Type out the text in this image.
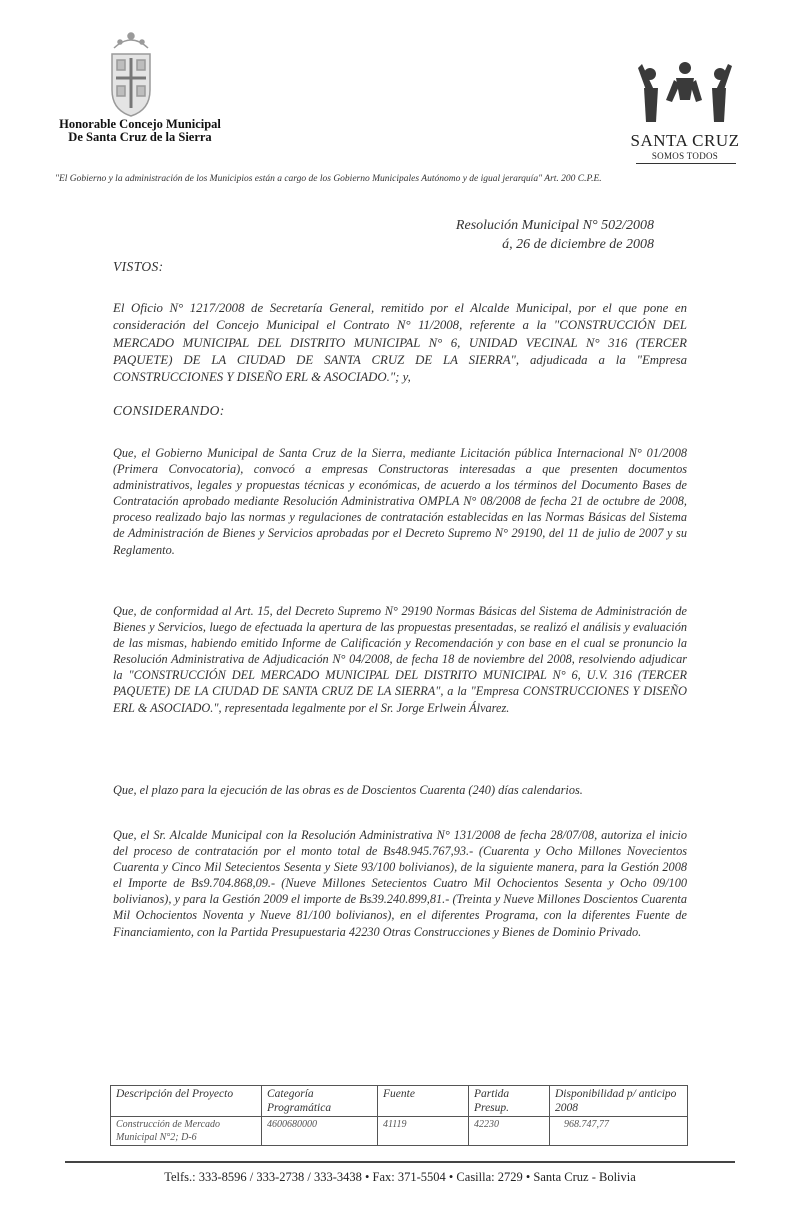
Honorable Concejo Municipal
De Santa Cruz de la Sierra	SANTA CRUZ
SOMOS TODOS
"El Gobierno y la administración de los Municipios están a cargo de los Gobierno Municipales Autónomo y de igual jerarquía" Art. 200 C.P.E.
Resolución Municipal N° 502/2008
á, 26 de diciembre de 2008
VISTOS:

El Oficio N° 1217/2008 de Secretaría General, remitido por el Alcalde Municipal, por el que pone en consideración del Concejo Municipal el Contrato N° 11/2008, referente a la "CONSTRUCCIÓN DEL MERCADO MUNICIPAL DEL DISTRITO MUNICIPAL N° 6, UNIDAD VECINAL N° 316 (TERCER PAQUETE) DE LA CIUDAD DE SANTA CRUZ DE LA SIERRA", adjudicada a la "Empresa CONSTRUCCIONES Y DISEÑO ERL & ASOCIADO."; y,

CONSIDERANDO:

Que, el Gobierno Municipal de Santa Cruz de la Sierra, mediante Licitación pública Internacional N° 01/2008 (Primera Convocatoria), convocó a empresas Constructoras interesadas a que presenten documentos administrativos, legales y propuestas técnicas y económicas, de acuerdo a los términos del Documento Bases de Contratación aprobado mediante Resolución Administrativa OMPLA N° 08/2008 de fecha 21 de octubre de 2008, proceso realizado bajo las normas y regulaciones de contratación establecidas en las Normas Básicas del Sistema de Administración de Bienes y Servicios aprobadas por el Decreto Supremo N° 29190, del 11 de julio de 2007 y su Reglamento.

Que, de conformidad al Art. 15, del Decreto Supremo N° 29190 Normas Básicas del Sistema de Administración de Bienes y Servicios, luego de efectuada la apertura de las propuestas presentadas, se realizó el análisis y evaluación de las mismas, habiendo emitido Informe de Calificación y Recomendación y con base en el cual se pronuncio la Resolución Administrativa de Adjudicación N° 04/2008, de fecha 18 de noviembre del 2008, resolviendo adjudicar la "CONSTRUCCIÓN DEL MERCADO MUNICIPAL DEL DISTRITO MUNICIPAL N° 6, U.V. 316 (TERCER PAQUETE) DE LA CIUDAD DE SANTA CRUZ DE LA SIERRA", a la "Empresa CONSTRUCCIONES Y DISEÑO ERL & ASOCIADO.", representada legalmente por el Sr. Jorge Erlwein Álvarez.

Que, el plazo para la ejecución de las obras es de Doscientos Cuarenta (240) días calendarios.

Que, el Sr. Alcalde Municipal con la Resolución Administrativa N° 131/2008 de fecha 28/07/08, autoriza el inicio del proceso de contratación por el monto total de Bs48.945.767,93.- (Cuarenta y Ocho Millones Novecientos Cuarenta y Cinco Mil Setecientos Sesenta y Siete 93/100 bolivianos), de la siguiente manera, para la Gestión 2008 el Importe de Bs9.704.868,09.- (Nueve Millones Setecientos Cuatro Mil Ochocientos Sesenta y Ocho 09/100 bolivianos), y para la Gestión 2009 el importe de Bs39.240.899,81.- (Treinta y Nueve Millones Doscientos Cuarenta Mil Ochocientos Noventa y Nueve 81/100 bolivianos), en el diferentes Programa, con la diferentes Fuente de Financiamiento, con la Partida Presupuestaria 42230 Otras Construcciones y Bienes de Dominio Privado.

Descripción del Proyecto	Categoría Programática	Fuente	Partida Presup.	Disponibilidad p/ anticipo 2008
Construcción de Mercado Municipal N°2; D-6	4600680000	41119	42230	968.747,77
Telfs.: 333-8596 / 333-2738 / 333-3438 • Fax: 371-5504 • Casilla: 2729 • Santa Cruz - Bolivia
